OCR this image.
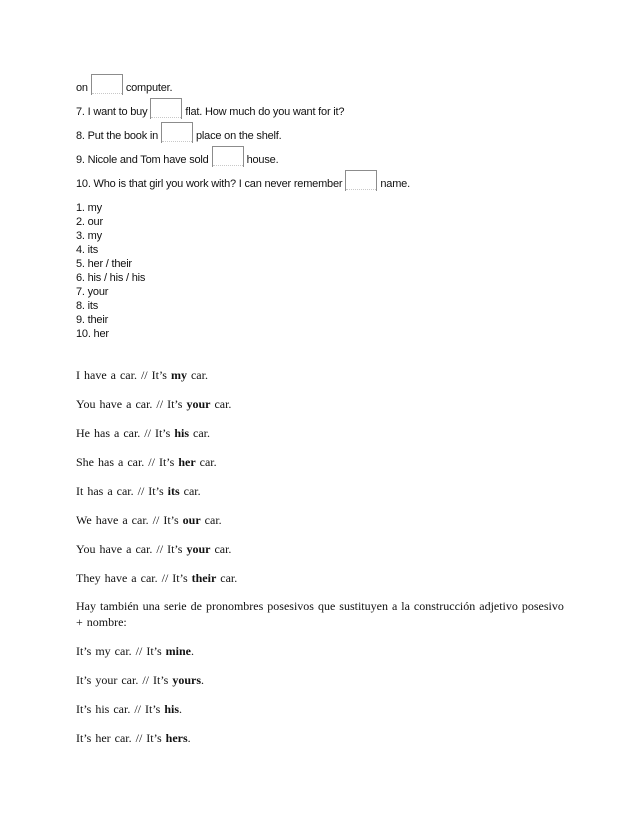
on	computer.
7. I want to buy	flat. How much do you want for it?
8. Put the book in	place on the shelf.
9. Nicole and Tom have sold	house.
10. Who is that girl you work with? I can never remember	name.
1. my
2. our
3. my
4. its
5. her / their
6. his / his / his
7. your
8. its
9. their
10. her
I have a car. // It’s my car.
You have a car. // It’s your car.
He has a car. // It’s his car.
She has a car. // It’s her car.
It has a car. // It’s its car.
We have a car. // It’s our car.
You have a car. // It’s your car.
They have a car. // It’s their car.
Hay también una serie de pronombres posesivos que sustituyen a la construcción adjetivo posesivo
+ nombre:
It’s my car. // It’s mine.
It’s your car. // It’s yours.
It’s his car. // It’s his.
It’s her car. // It’s hers.
